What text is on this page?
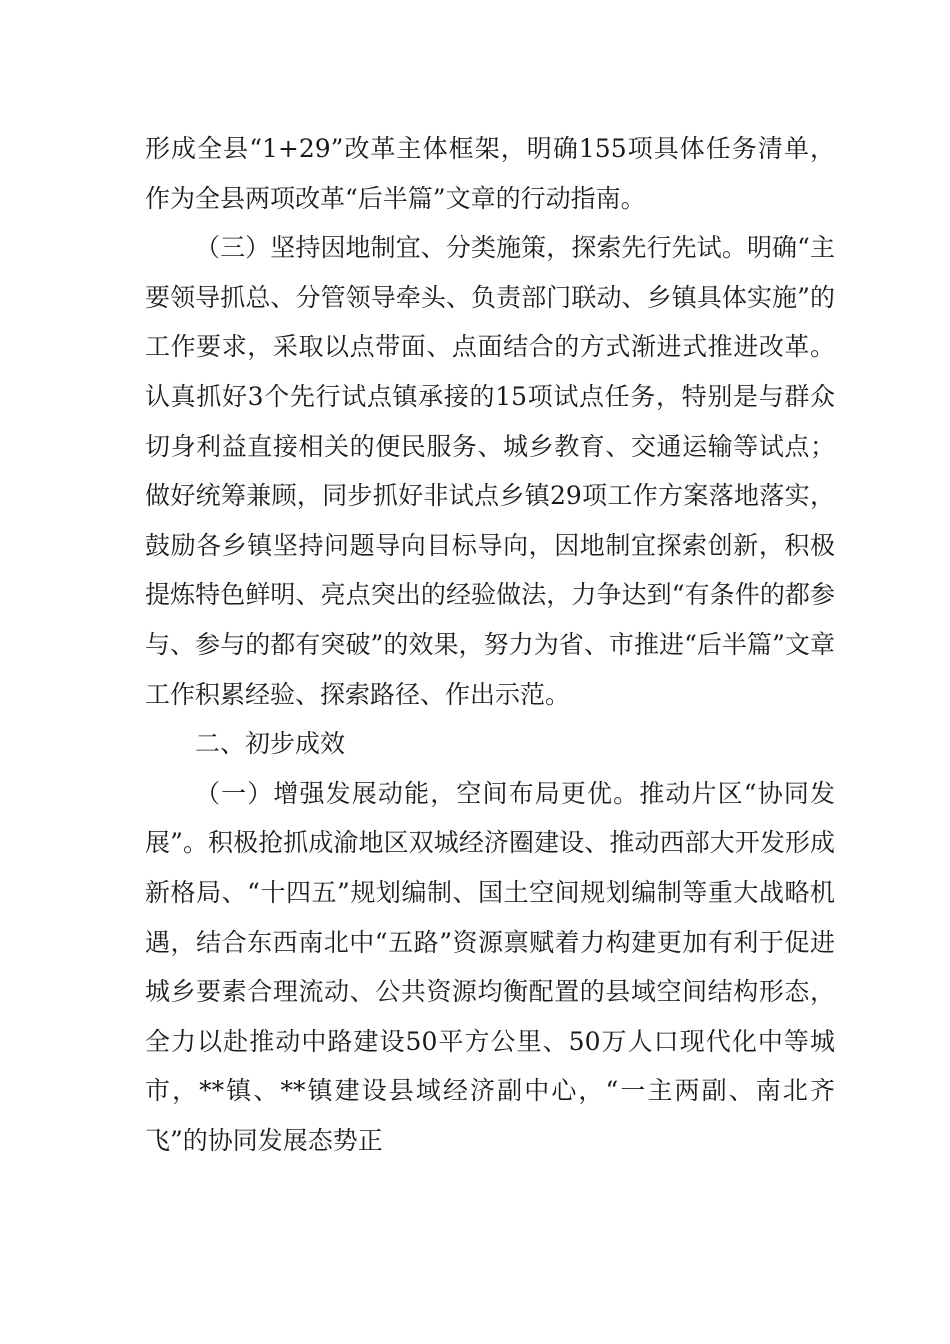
形成全县“1+29”改革主体框架，明确155项具体任务清单，作为全县两项改革“后半篇”文章的行动指南。

（三）坚持因地制宜、分类施策，探索先行先试。明确“主要领导抓总、分管领导牵头、负责部门联动、乡镇具体实施”的工作要求，采取以点带面、点面结合的方式渐进式推进改革。认真抓好3个先行试点镇承接的15项试点任务，特别是与群众切身利益直接相关的便民服务、城乡教育、交通运输等试点；做好统筹兼顾，同步抓好非试点乡镇29项工作方案落地落实，鼓励各乡镇坚持问题导向目标导向，因地制宜探索创新，积极提炼特色鲜明、亮点突出的经验做法，力争达到“有条件的都参与、参与的都有突破”的效果，努力为省、市推进“后半篇”文章工作积累经验、探索路径、作出示范。

二、初步成效

（一）增强发展动能，空间布局更优。推动片区“协同发展”。积极抢抓成渝地区双城经济圈建设、推动西部大开发形成新格局、“十四五”规划编制、国土空间规划编制等重大战略机遇，结合东西南北中“五路”资源禀赋着力构建更加有利于促进城乡要素合理流动、公共资源均衡配置的县域空间结构形态，全力以赴推动中路建设50平方公里、50万人口现代化中等城市，**镇、**镇建设县域经济副中心，“一主两副、南北齐飞”的协同发展态势正
